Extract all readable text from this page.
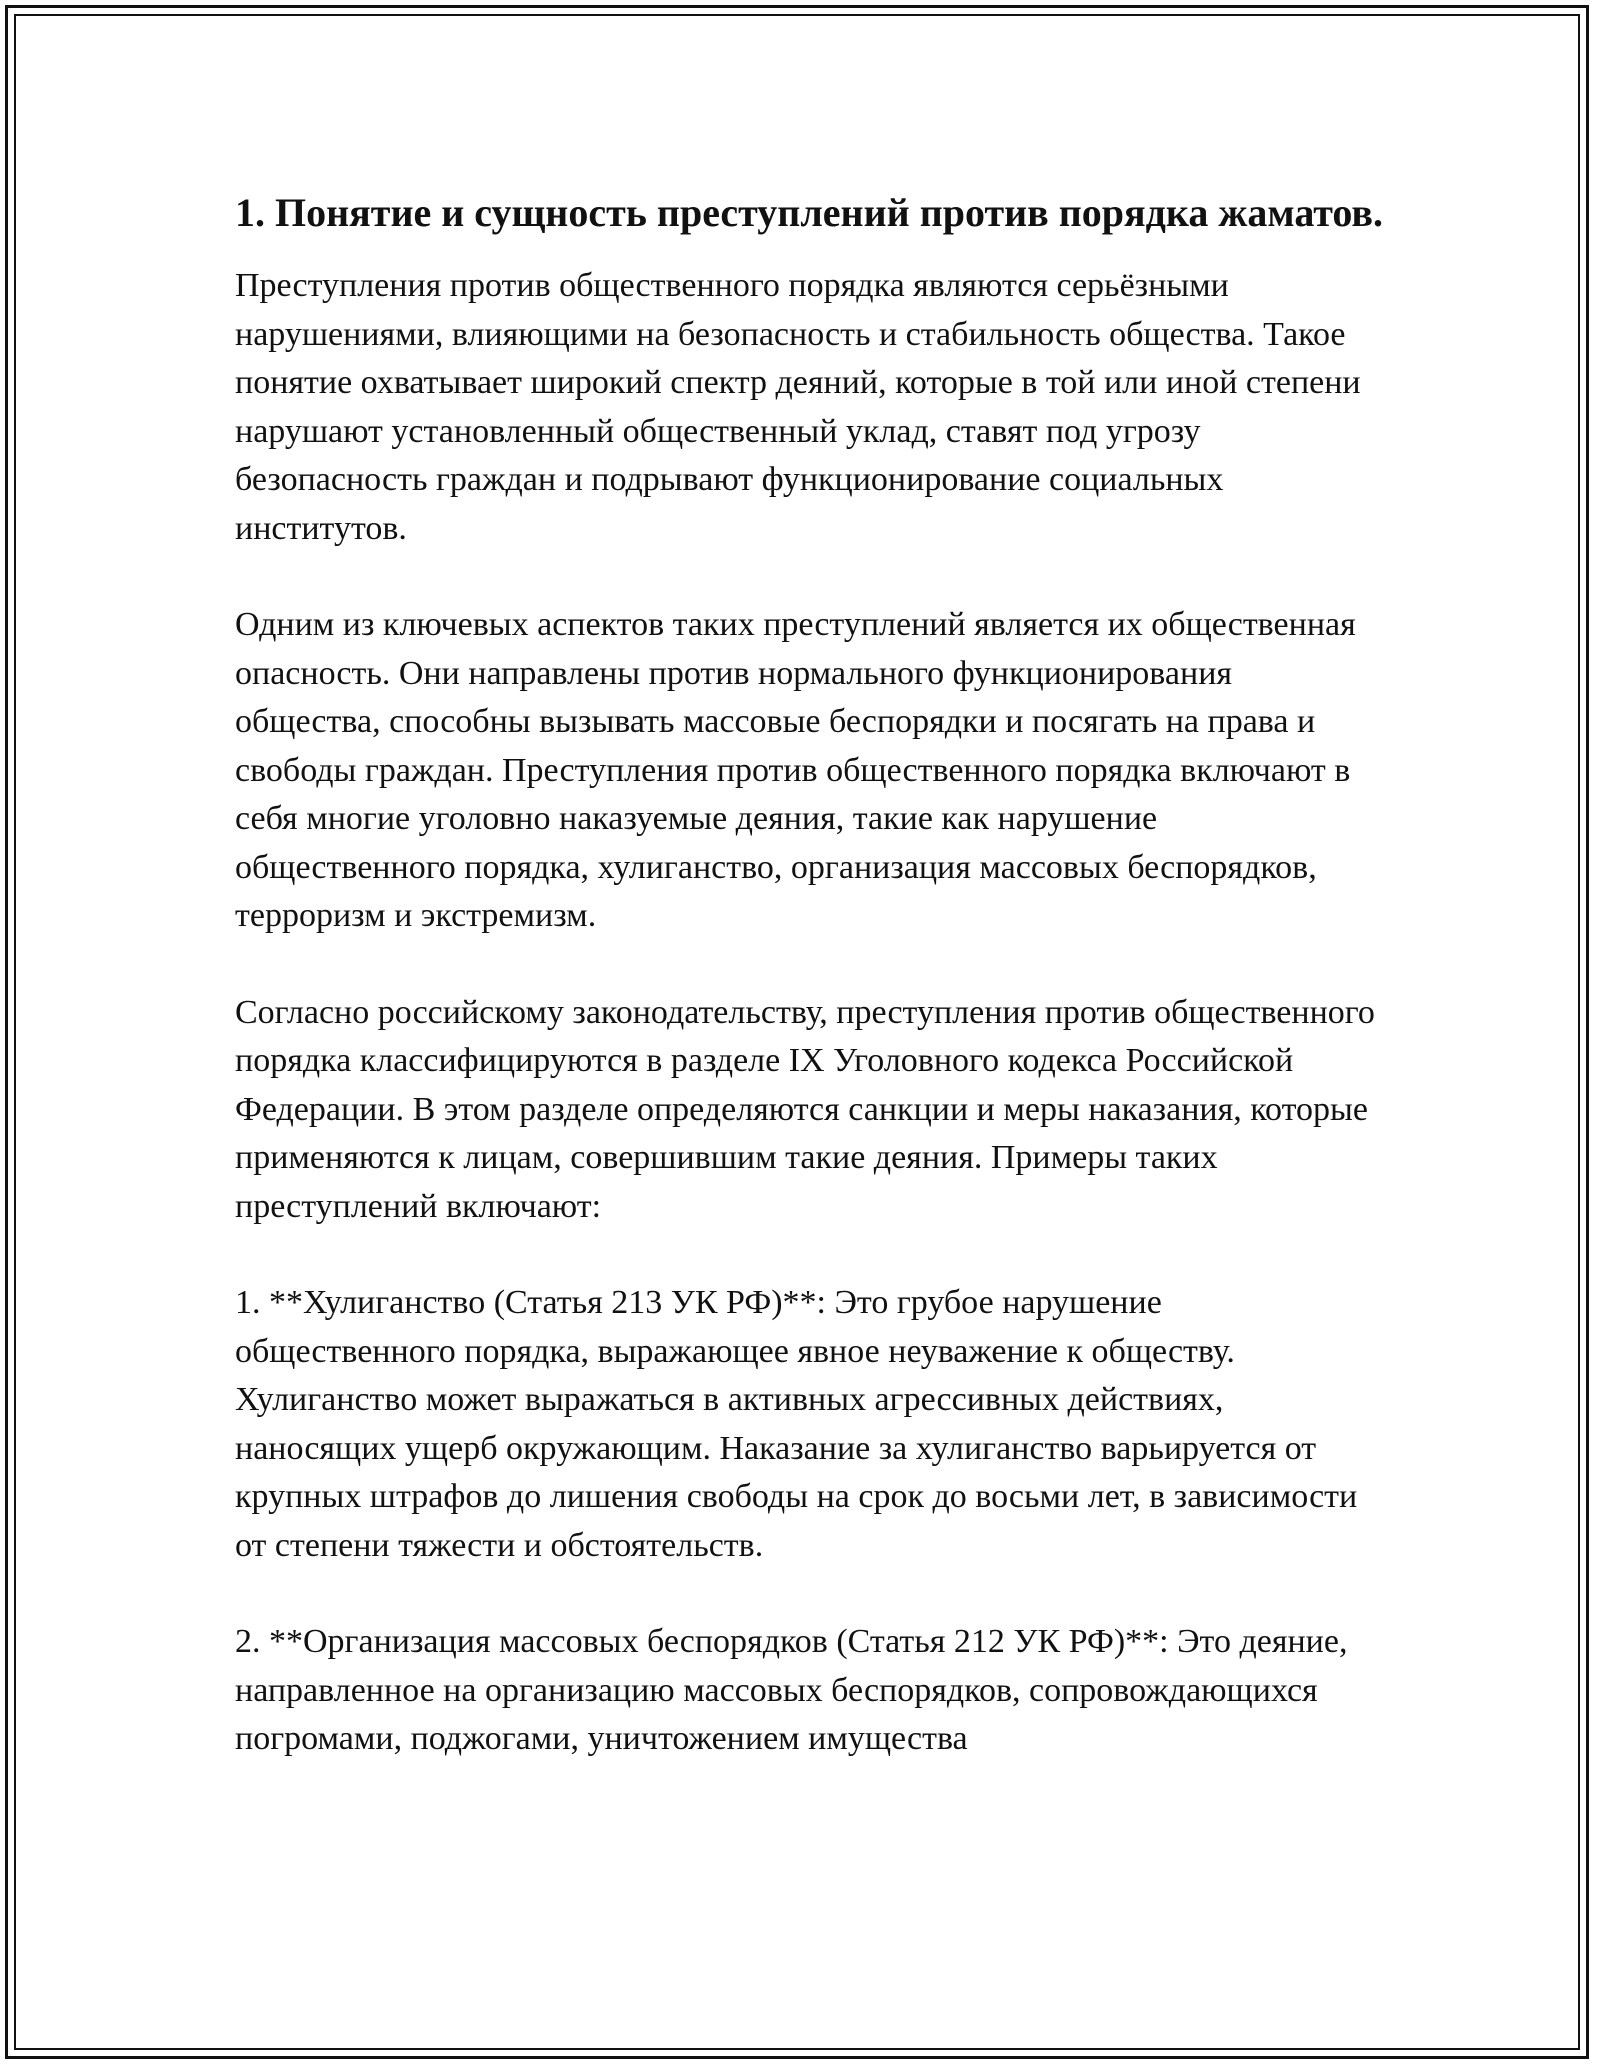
1. Понятие и сущность преступлений против порядка жаматов.

Преступления против общественного порядка являются серьёзными нарушениями, влияющими на безопасность и стабильность общества. Такое понятие охватывает широкий спектр деяний, которые в той или иной степени нарушают установленный общественный уклад, ставят под угрозу безопасность граждан и подрывают функционирование социальных институтов.

Одним из ключевых аспектов таких преступлений является их общественная опасность. Они направлены против нормального функционирования общества, способны вызывать массовые беспорядки и посягать на права и свободы граждан. Преступления против общественного порядка включают в себя многие уголовно наказуемые деяния, такие как нарушение общественного порядка, хулиганство, организация массовых беспорядков, терроризм и экстремизм.

Согласно российскому законодательству, преступления против общественного порядка классифицируются в разделе IX Уголовного кодекса Российской Федерации. В этом разделе определяются санкции и меры наказания, которые применяются к лицам, совершившим такие деяния. Примеры таких преступлений включают:

1. **Хулиганство (Статья 213 УК РФ)**: Это грубое нарушение общественного порядка, выражающее явное неуважение к обществу. Хулиганство может выражаться в активных агрессивных действиях, наносящих ущерб окружающим. Наказание за хулиганство варьируется от крупных штрафов до лишения свободы на срок до восьми лет, в зависимости от степени тяжести и обстоятельств.

2. **Организация массовых беспорядков (Статья 212 УК РФ)**: Это деяние, направленное на организацию массовых беспорядков, сопровождающихся погромами, поджогами, уничтожением имущества
